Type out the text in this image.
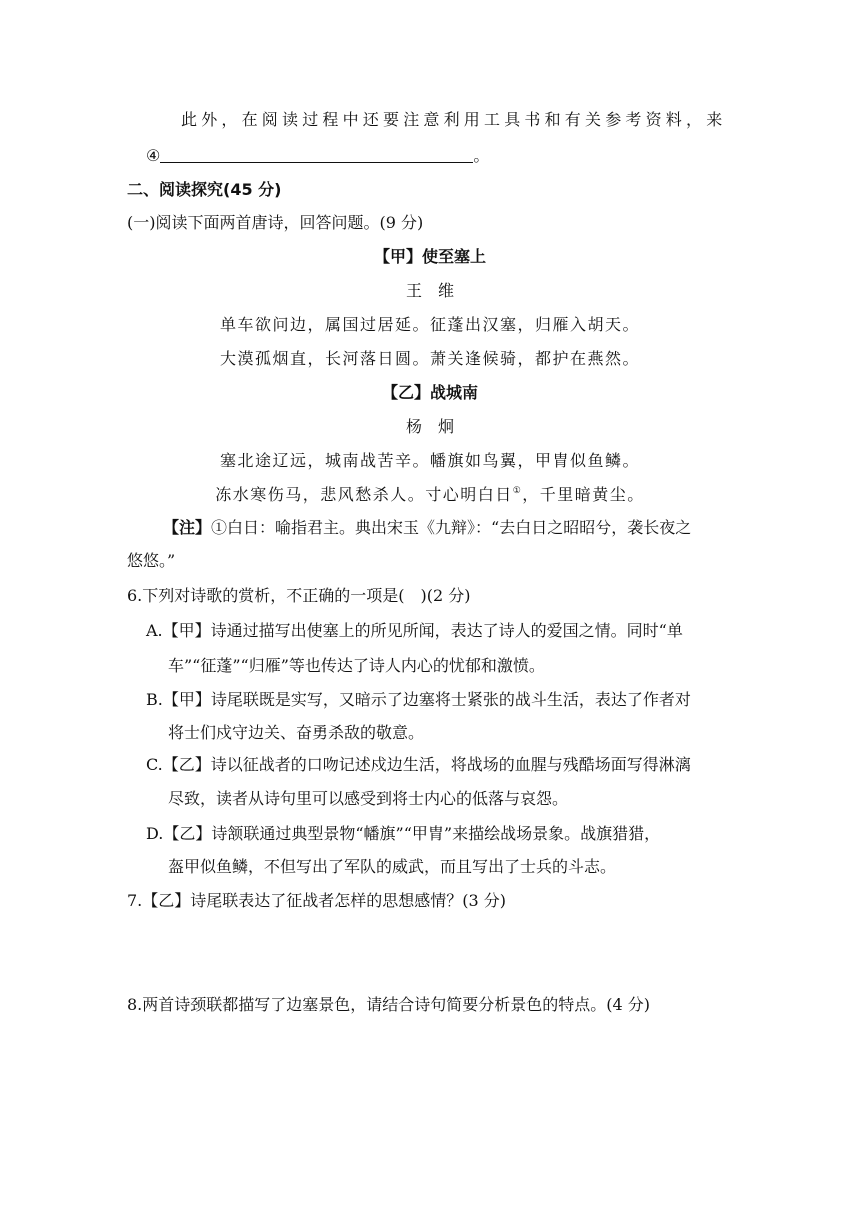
此外，在阅读过程中还要注意利用工具书和有关参考资料，来
④	。
二、阅读探究(45 分)
(一)阅读下面两首唐诗，回答问题。(9 分)
【甲】使至塞上
王　维
单车欲问边，属国过居延。征蓬出汉塞，归雁入胡天。
大漠孤烟直，长河落日圆。萧关逢候骑，都护在燕然。
【乙】战城南
杨　炯
塞北途辽远，城南战苦辛。幡旗如鸟翼，甲胄似鱼鳞。
冻水寒伤马，悲风愁杀人。寸心明白日①，千里暗黄尘。
【注】①白日：喻指君主。典出宋玉《九辩》：“去白日之昭昭兮，袭长夜之
悠悠。”
6.下列对诗歌的赏析，不正确的一项是(　)(2 分)
A.【甲】诗通过描写出使塞上的所见所闻，表达了诗人的爱国之情。同时“单
车”“征蓬”“归雁”等也传达了诗人内心的忧郁和激愤。
B.【甲】诗尾联既是实写，又暗示了边塞将士紧张的战斗生活，表达了作者对
将士们戍守边关、奋勇杀敌的敬意。
C.【乙】诗以征战者的口吻记述戍边生活，将战场的血腥与残酷场面写得淋漓
尽致，读者从诗句里可以感受到将士内心的低落与哀怨。
D.【乙】诗颔联通过典型景物“幡旗”“甲胄”来描绘战场景象。战旗猎猎，
盔甲似鱼鳞，不但写出了军队的威武，而且写出了士兵的斗志。
7.【乙】诗尾联表达了征战者怎样的思想感情？(3 分)
8.两首诗颈联都描写了边塞景色，请结合诗句简要分析景色的特点。(4 分)
